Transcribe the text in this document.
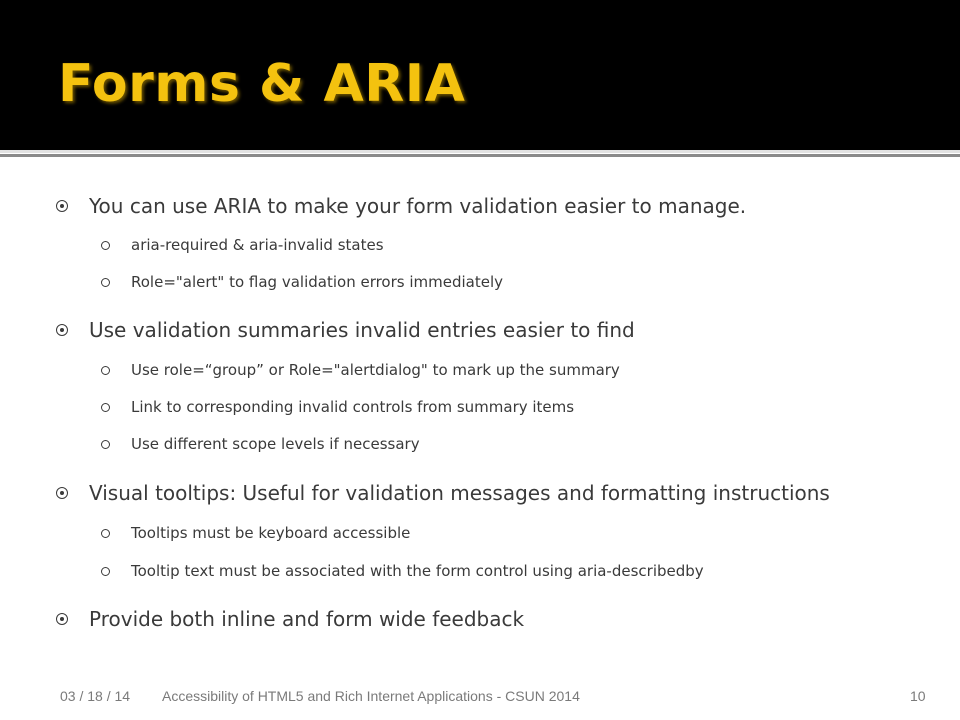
Forms & ARIA
You can use ARIA to make your form validation easier to manage.
aria-required & aria-invalid states
Role="alert" to flag validation errors immediately
Use validation summaries invalid entries easier to find
Use role=“group” or Role="alertdialog" to mark up the summary
Link to corresponding invalid controls from summary items
Use different scope levels if necessary
Visual tooltips: Useful for validation messages and formatting instructions
Tooltips must be keyboard accessible
Tooltip text must be associated with the form control using aria-describedby
Provide both inline and form wide feedback
03 / 18 / 14 Accessibility of HTML5 and Rich Internet Applications - CSUN 2014	10
